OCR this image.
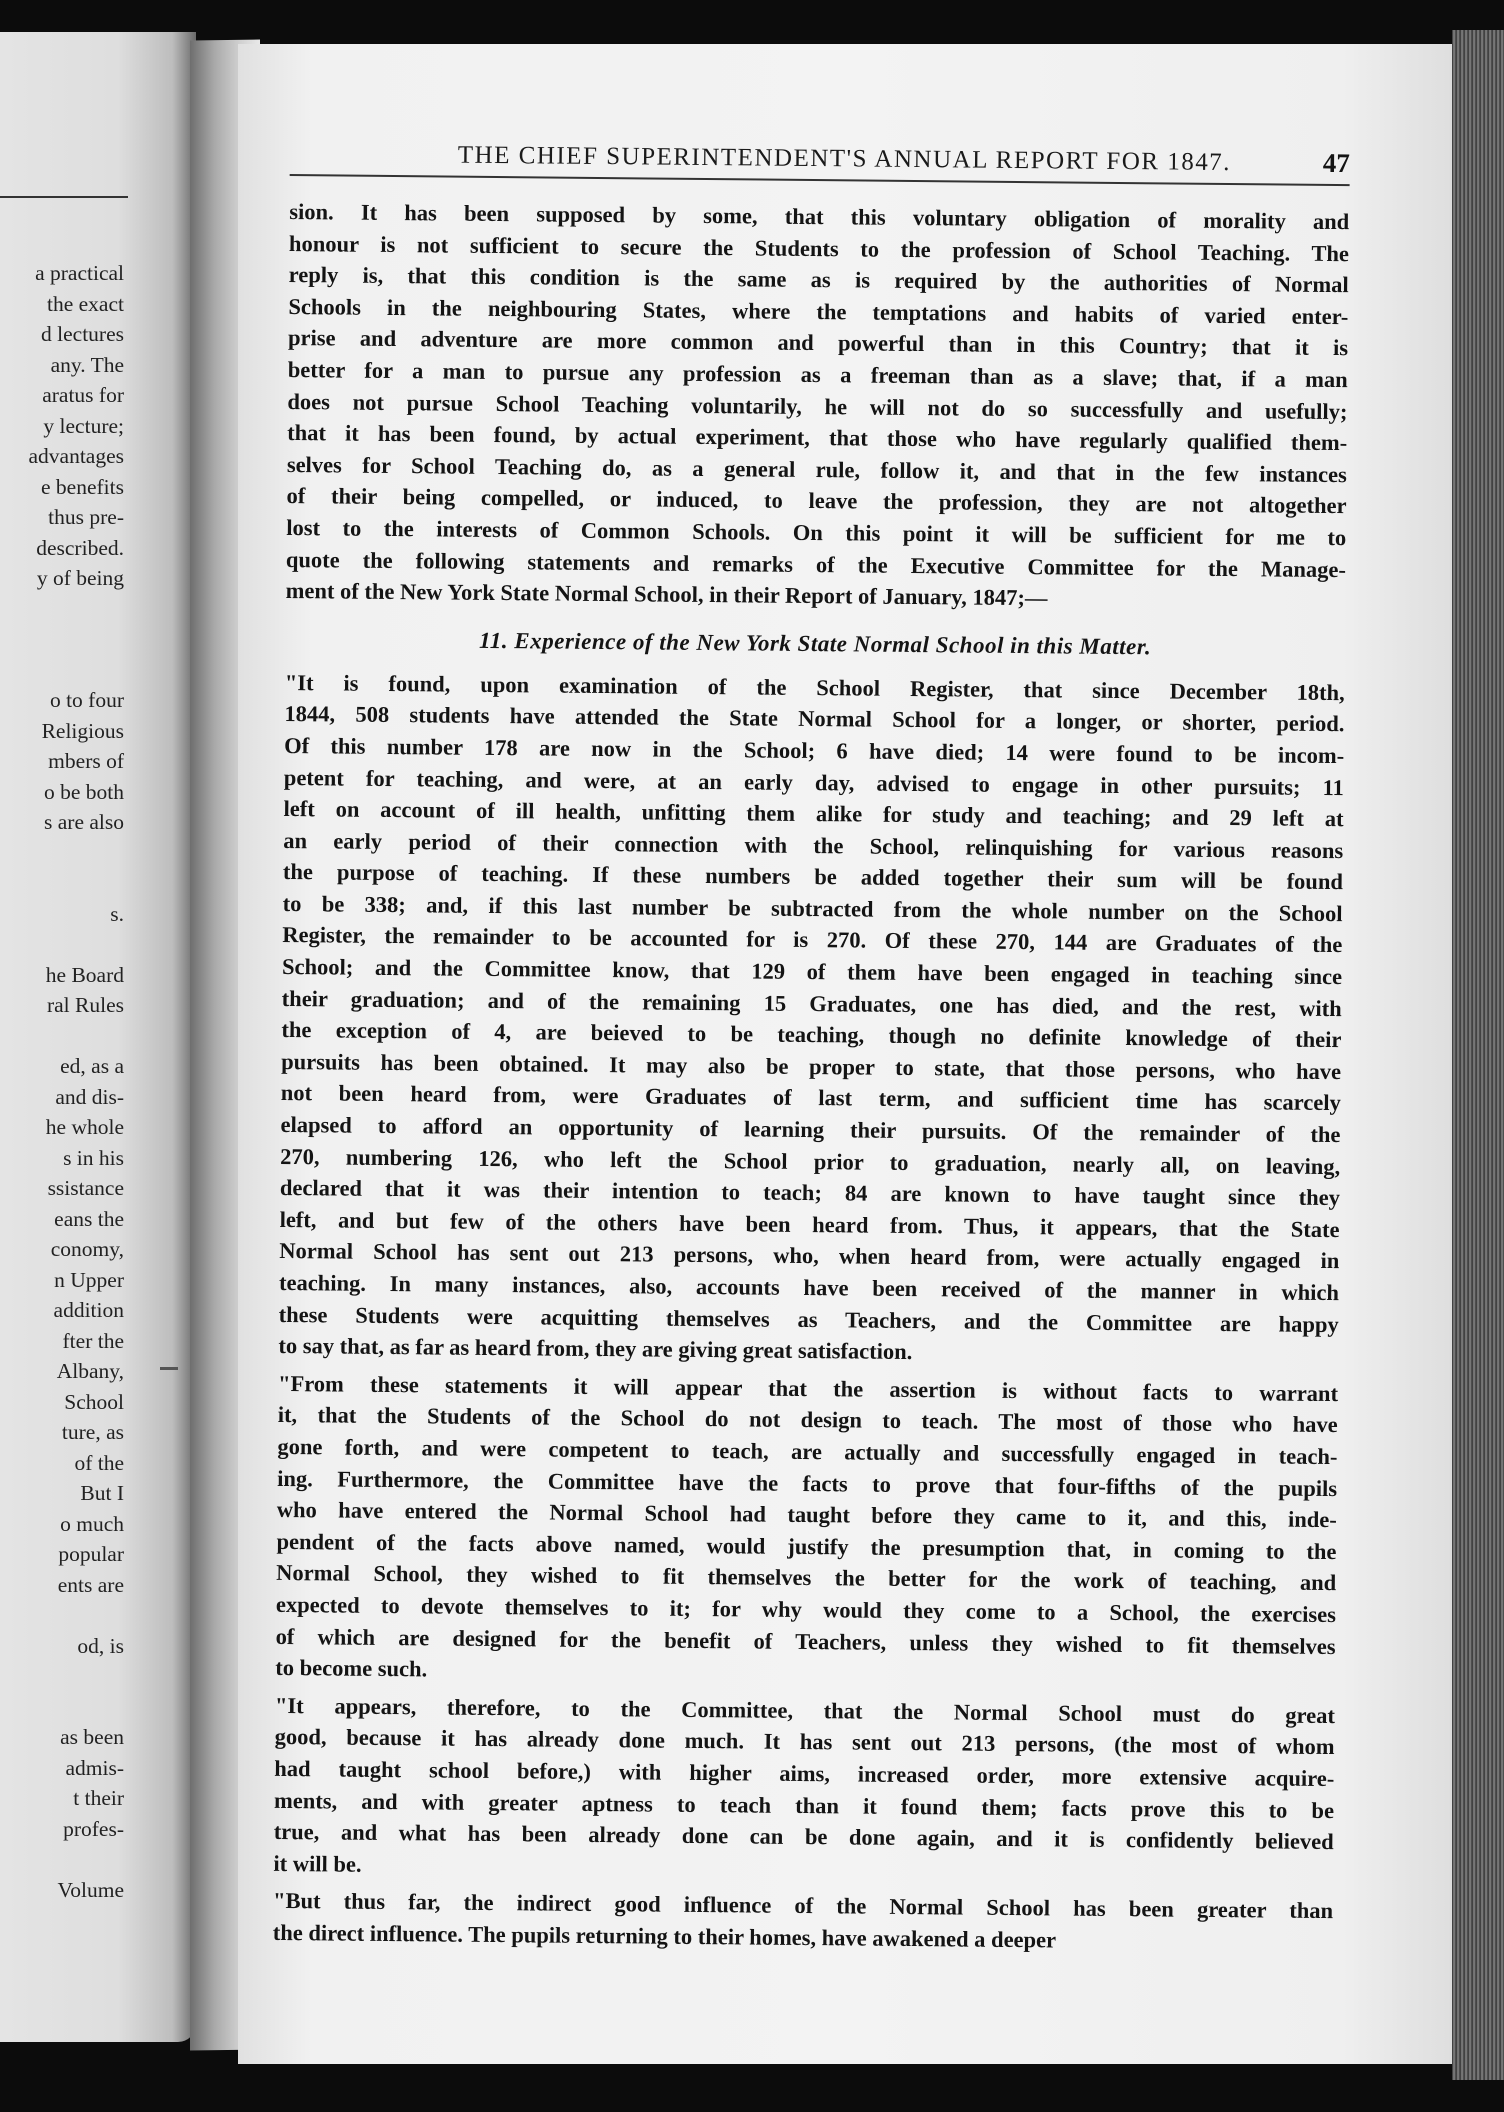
a practical
the exact
d lectures
any. The
aratus for
y lecture;
advantages
e benefits
thus pre-
described.
y of being
o to four
Religious
mbers of
o be both
s are also
s.
he Board
ral Rules
ed, as a
and dis-
he whole
s in his
ssistance
eans the
conomy,
n Upper
addition
fter the
Albany,
School
ture, as
of the
But I
o much
popular
ents are
od, is
as been
admis-
t their
profes-
Volume
THE CHIEF SUPERINTENDENT'S ANNUAL REPORT FOR 1847.	47
sion. It has been supposed by some, that this voluntary obligation of morality and
honour is not sufficient to secure the Students to the profession of School Teaching. The
reply is, that this condition is the same as is required by the authorities of Normal
Schools in the neighbouring States, where the temptations and habits of varied enter-
prise and adventure are more common and powerful than in this Country; that it is
better for a man to pursue any profession as a freeman than as a slave; that, if a man
does not pursue School Teaching voluntarily, he will not do so successfully and usefully;
that it has been found, by actual experiment, that those who have regularly qualified them-
selves for School Teaching do, as a general rule, follow it, and that in the few instances
of their being compelled, or induced, to leave the profession, they are not altogether
lost to the interests of Common Schools. On this point it will be sufficient for me to
quote the following statements and remarks of the Executive Committee for the Manage-
ment of the New York State Normal School, in their Report of January, 1847;—
11. Experience of the New York State Normal School in this Matter.
"It is found, upon examination of the School Register, that since December 18th,
1844, 508 students have attended the State Normal School for a longer, or shorter, period.
Of this number 178 are now in the School; 6 have died; 14 were found to be incom-
petent for teaching, and were, at an early day, advised to engage in other pursuits; 11
left on account of ill health, unfitting them alike for study and teaching; and 29 left at
an early period of their connection with the School, relinquishing for various reasons
the purpose of teaching. If these numbers be added together their sum will be found
to be 338; and, if this last number be subtracted from the whole number on the School
Register, the remainder to be accounted for is 270. Of these 270, 144 are Graduates of the
School; and the Committee know, that 129 of them have been engaged in teaching since
their graduation; and of the remaining 15 Graduates, one has died, and the rest, with
the exception of 4, are beieved to be teaching, though no definite knowledge of their
pursuits has been obtained. It may also be proper to state, that those persons, who have
not been heard from, were Graduates of last term, and sufficient time has scarcely
elapsed to afford an opportunity of learning their pursuits. Of the remainder of the
270, numbering 126, who left the School prior to graduation, nearly all, on leaving,
declared that it was their intention to teach; 84 are known to have taught since they
left, and but few of the others have been heard from. Thus, it appears, that the State
Normal School has sent out 213 persons, who, when heard from, were actually engaged in
teaching. In many instances, also, accounts have been received of the manner in which
these Students were acquitting themselves as Teachers, and the Committee are happy
to say that, as far as heard from, they are giving great satisfaction.
"From these statements it will appear that the assertion is without facts to warrant
it, that the Students of the School do not design to teach. The most of those who have
gone forth, and were competent to teach, are actually and successfully engaged in teach-
ing. Furthermore, the Committee have the facts to prove that four-fifths of the pupils
who have entered the Normal School had taught before they came to it, and this, inde-
pendent of the facts above named, would justify the presumption that, in coming to the
Normal School, they wished to fit themselves the better for the work of teaching, and
expected to devote themselves to it; for why would they come to a School, the exercises
of which are designed for the benefit of Teachers, unless they wished to fit themselves
to become such.
"It appears, therefore, to the Committee, that the Normal School must do great
good, because it has already done much. It has sent out 213 persons, (the most of whom
had taught school before,) with higher aims, increased order, more extensive acquire-
ments, and with greater aptness to teach than it found them; facts prove this to be
true, and what has been already done can be done again, and it is confidently believed
it will be.
"But thus far, the indirect good influence of the Normal School has been greater than
the direct influence. The pupils returning to their homes, have awakened a deeper
